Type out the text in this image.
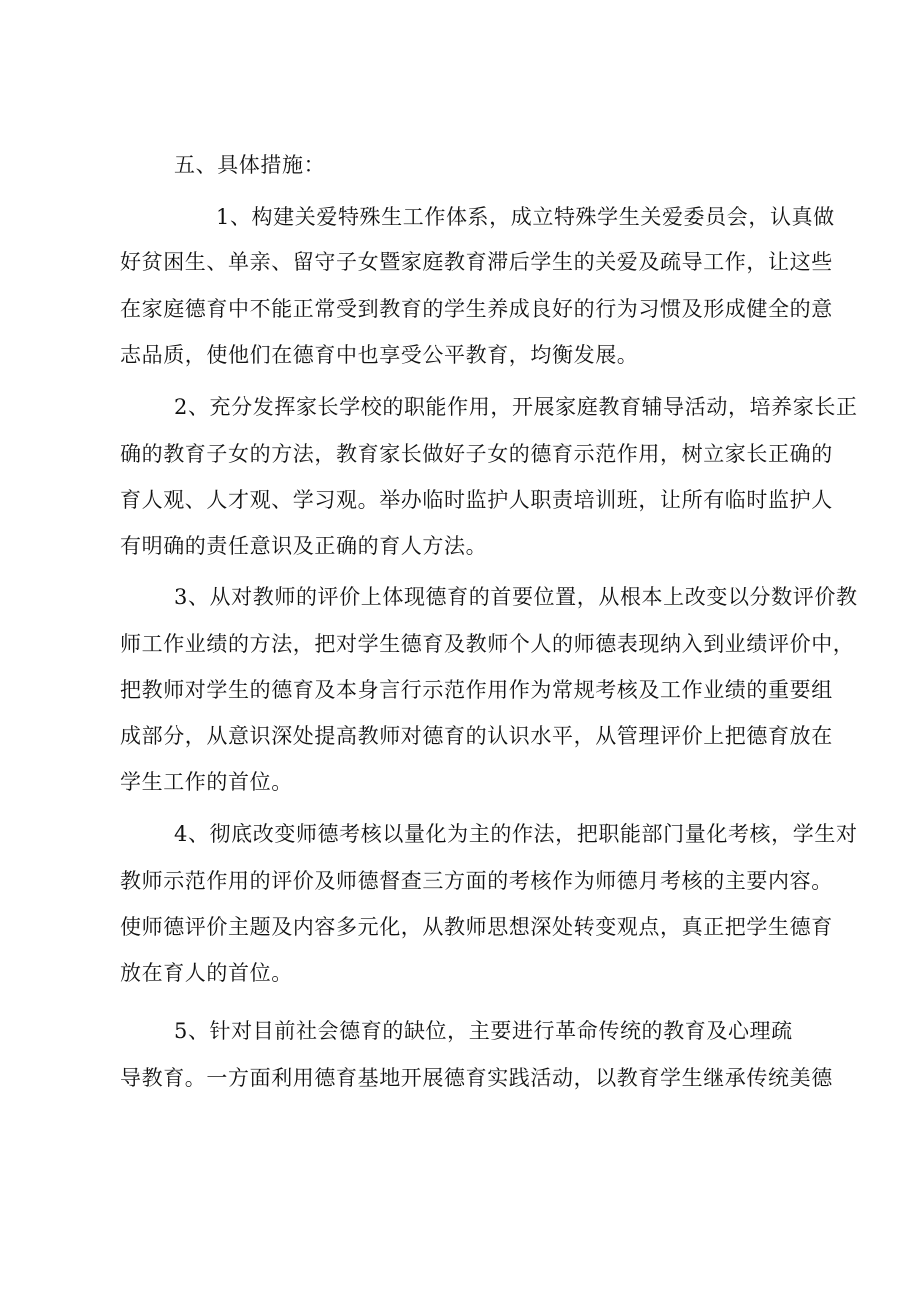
五、具体措施：
1、构建关爱特殊生工作体系，成立特殊学生关爱委员会，认真做
好贫困生、单亲、留守子女暨家庭教育滞后学生的关爱及疏导工作，让这些
在家庭德育中不能正常受到教育的学生养成良好的行为习惯及形成健全的意
志品质，使他们在德育中也享受公平教育，均衡发展。
2、充分发挥家长学校的职能作用，开展家庭教育辅导活动，培养家长正
确的教育子女的方法，教育家长做好子女的德育示范作用，树立家长正确的
育人观、人才观、学习观。举办临时监护人职责培训班，让所有临时监护人
有明确的责任意识及正确的育人方法。
3、从对教师的评价上体现德育的首要位置，从根本上改变以分数评价教
师工作业绩的方法，把对学生德育及教师个人的师德表现纳入到业绩评价中，
把教师对学生的德育及本身言行示范作用作为常规考核及工作业绩的重要组
成部分，从意识深处提高教师对德育的认识水平，从管理评价上把德育放在
学生工作的首位。
4、彻底改变师德考核以量化为主的作法，把职能部门量化考核，学生对
教师示范作用的评价及师德督查三方面的考核作为师德月考核的主要内容。
使师德评价主题及内容多元化，从教师思想深处转变观点，真正把学生德育
放在育人的首位。
5、针对目前社会德育的缺位，主要进行革命传统的教育及心理疏
导教育。一方面利用德育基地开展德育实践活动，以教育学生继承传统美德
